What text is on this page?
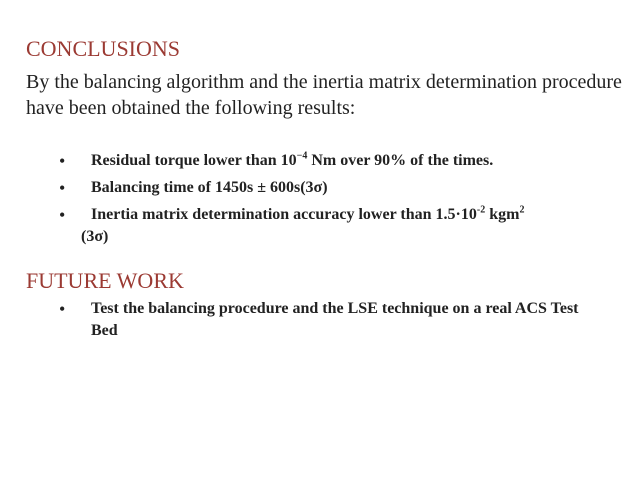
CONCLUSIONS

By the balancing algorithm and the inertia matrix determination procedure have been obtained the following results:

• Residual torque lower than $10^{-4}$ Nm over 90% of the times.
• Balancing time of 1450s ± 600s(3σ)
• Inertia matrix determination accuracy lower than $1.5\cdot 10^{-2}$ kgm$^2$
(3σ)
FUTURE WORK
• Test the balancing procedure and the LSE technique on a real ACS Test Bed
